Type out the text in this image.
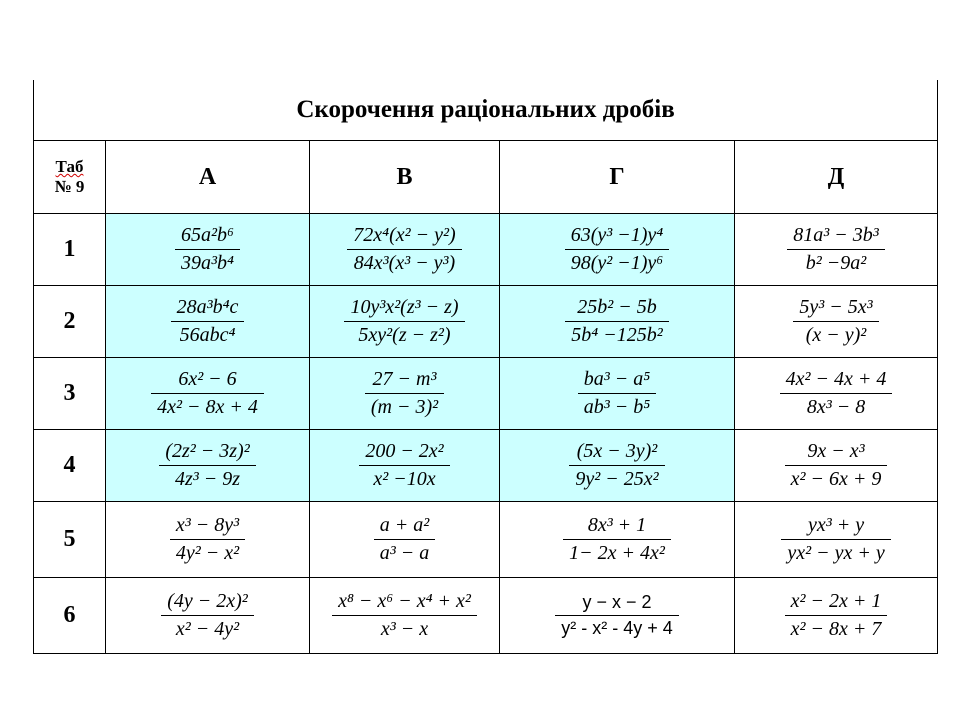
Скорочення раціональних дробів				

Таб
№ 9	А	В	Г	Д
1	$\frac{\text{65a²b⁶}}{\text{39a³b⁴}}$	$\frac{\text{72x⁴(x² − y²)}}{\text{84x³(x³ − y³)}}$	$\frac{\text{63(y³ −1)y⁴}}{\text{98(y² −1)y⁶}}$	$\frac{\text{81a³ − 3b³}}{\text{b² −9a²}}$

2	$\frac{\text{28a³b⁴c}}{\text{56abc⁴}}$	$\frac{\text{10y³x²(z³ − z)}}{\text{5xy²(z − z²)}}$	$\frac{\text{25b² − 5b}}{\text{5b⁴ −125b²}}$	$\frac{\text{5y³ − 5x³}}{\text{(x − y)²}}$

3	$\frac{\text{6x² − 6}}{\text{4x² − 8x + 4}}$	$\frac{\text{27 − m³}}{\text{(m − 3)²}}$	$\frac{\text{ba³ − a⁵}}{\text{ab³ − b⁵}}$	$\frac{\text{4x² − 4x + 4}}{\text{8x³ − 8}}$

4	$\frac{\text{(2z² − 3z)²}}{\text{4z³ − 9z}}$	$\frac{\text{200 − 2x²}}{\text{x² −10x}}$	$\frac{\text{(5x − 3y)²}}{\text{9y² − 25x²}}$	$\frac{\text{9x − x³}}{\text{x² − 6x + 9}}$

5	$\frac{\text{x³ − 8y³}}{\text{4y² − x²}}$	$\frac{\text{a + a²}}{\text{a³ − a}}$	$\frac{\text{8x³ + 1}}{\text{1− 2x + 4x²}}$	$\frac{\text{yx³ + y}}{\text{yx² − yx + y}}$

6	$\frac{\text{(4y − 2x)²}}{\text{x² − 4y²}}$	$\frac{\text{x⁸ − x⁶ − x⁴ + x²}}{\text{x³ − x}}$	$\frac{y - x - 2}{\text{y² - x² - 4y + 4}}$	$\frac{\text{x² − 2x + 1}}{\text{x² − 8x + 7}}$
